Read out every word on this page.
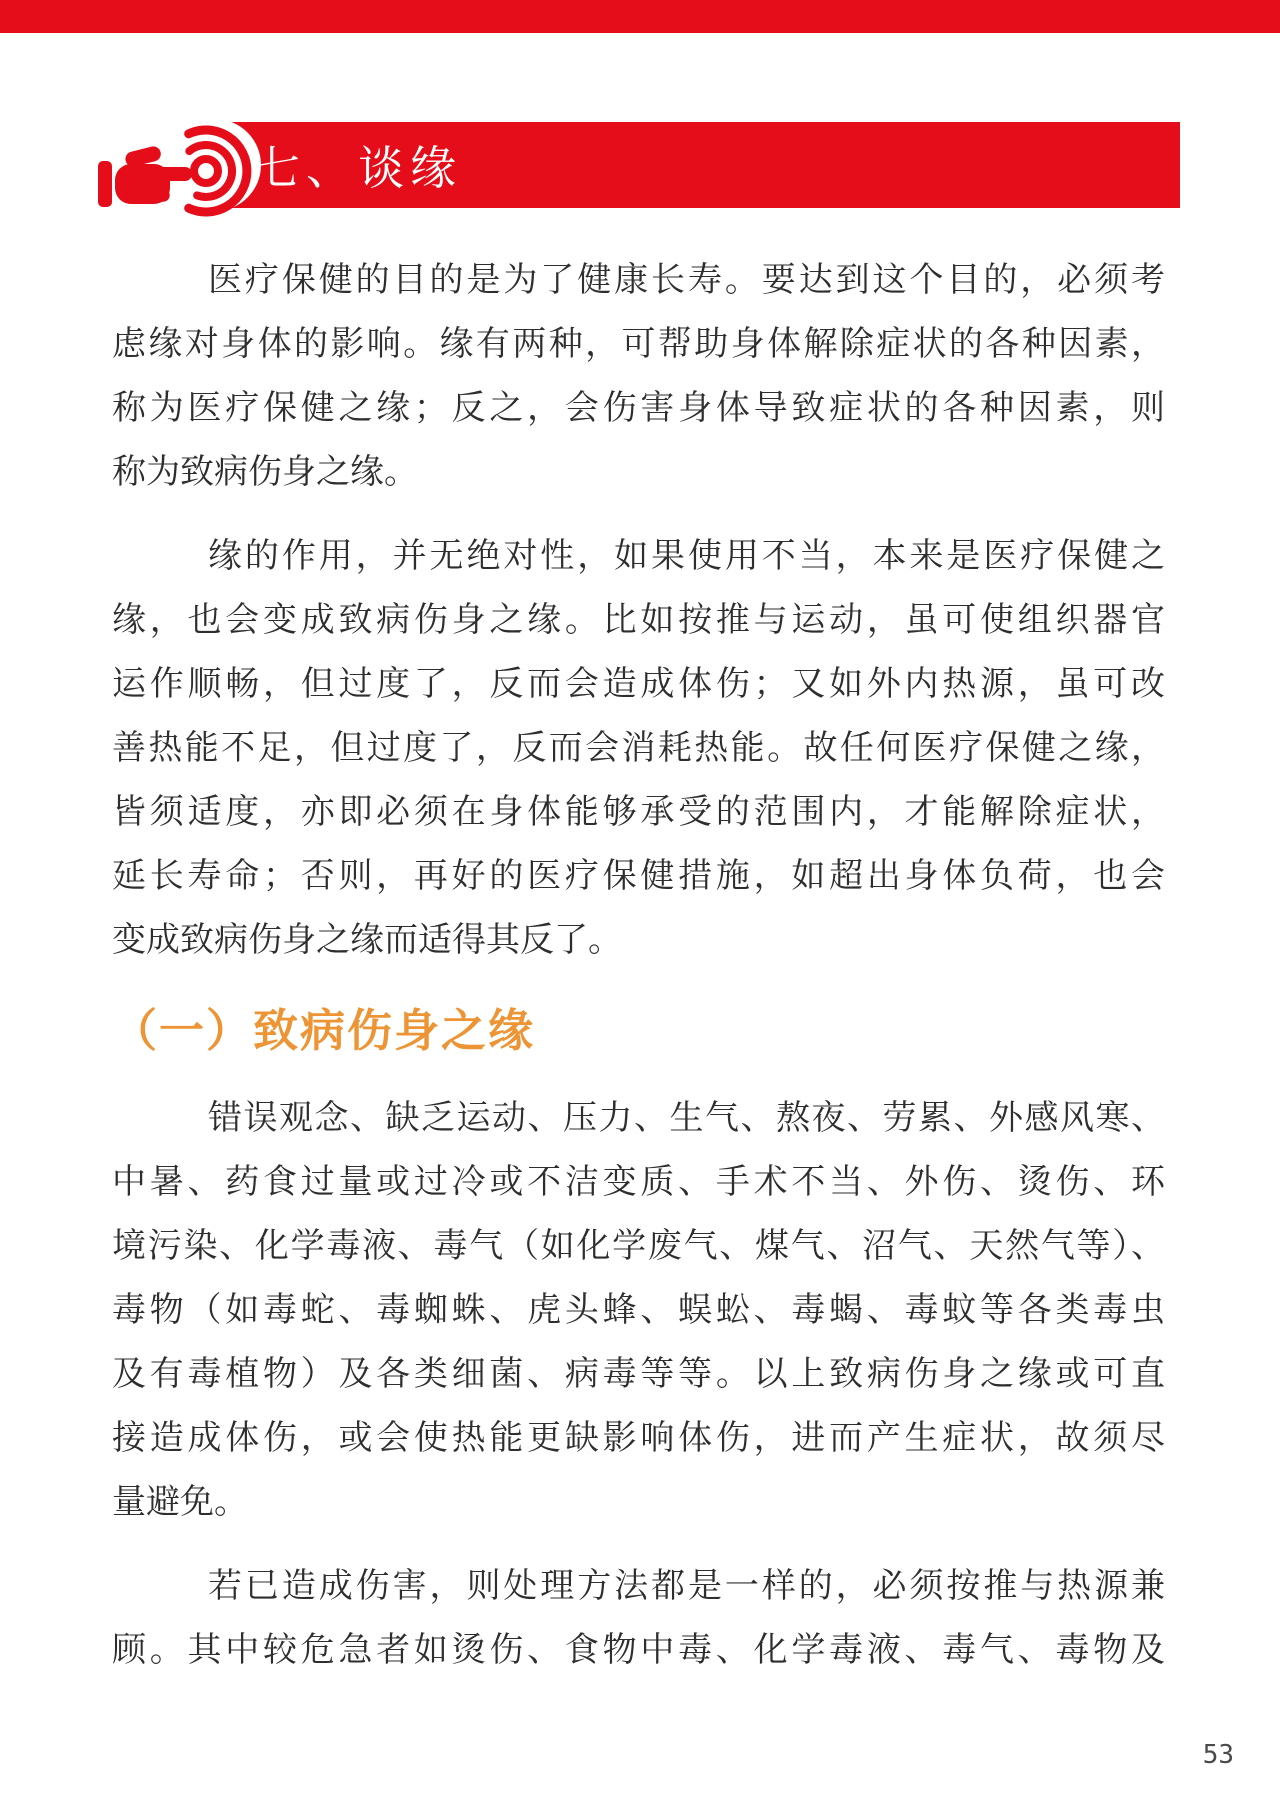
七、谈缘
医疗保健的目的是为了健康长寿。要达到这个目的，必须考
虑缘对身体的影响。缘有两种，可帮助身体解除症状的各种因素，
称为医疗保健之缘；反之，会伤害身体导致症状的各种因素，则
称为致病伤身之缘。
缘的作用，并无绝对性，如果使用不当，本来是医疗保健之
缘，也会变成致病伤身之缘。比如按推与运动，虽可使组织器官
运作顺畅，但过度了，反而会造成体伤；又如外内热源，虽可改
善热能不足，但过度了，反而会消耗热能。故任何医疗保健之缘，
皆须适度，亦即必须在身体能够承受的范围内，才能解除症状，
延长寿命；否则，再好的医疗保健措施，如超出身体负荷，也会
变成致病伤身之缘而适得其反了。
（一）致病伤身之缘
错误观念、缺乏运动、压力、生气、熬夜、劳累、外感风寒、
中暑、药食过量或过冷或不洁变质、手术不当、外伤、烫伤、环
境污染、化学毒液、毒气（如化学废气、煤气、沼气、天然气等）、
毒物（如毒蛇、毒蜘蛛、虎头蜂、蜈蚣、毒蝎、毒蚊等各类毒虫
及有毒植物）及各类细菌、病毒等等。以上致病伤身之缘或可直
接造成体伤，或会使热能更缺影响体伤，进而产生症状，故须尽
量避免。
若已造成伤害，则处理方法都是一样的，必须按推与热源兼
顾。其中较危急者如烫伤、食物中毒、化学毒液、毒气、毒物及
53
